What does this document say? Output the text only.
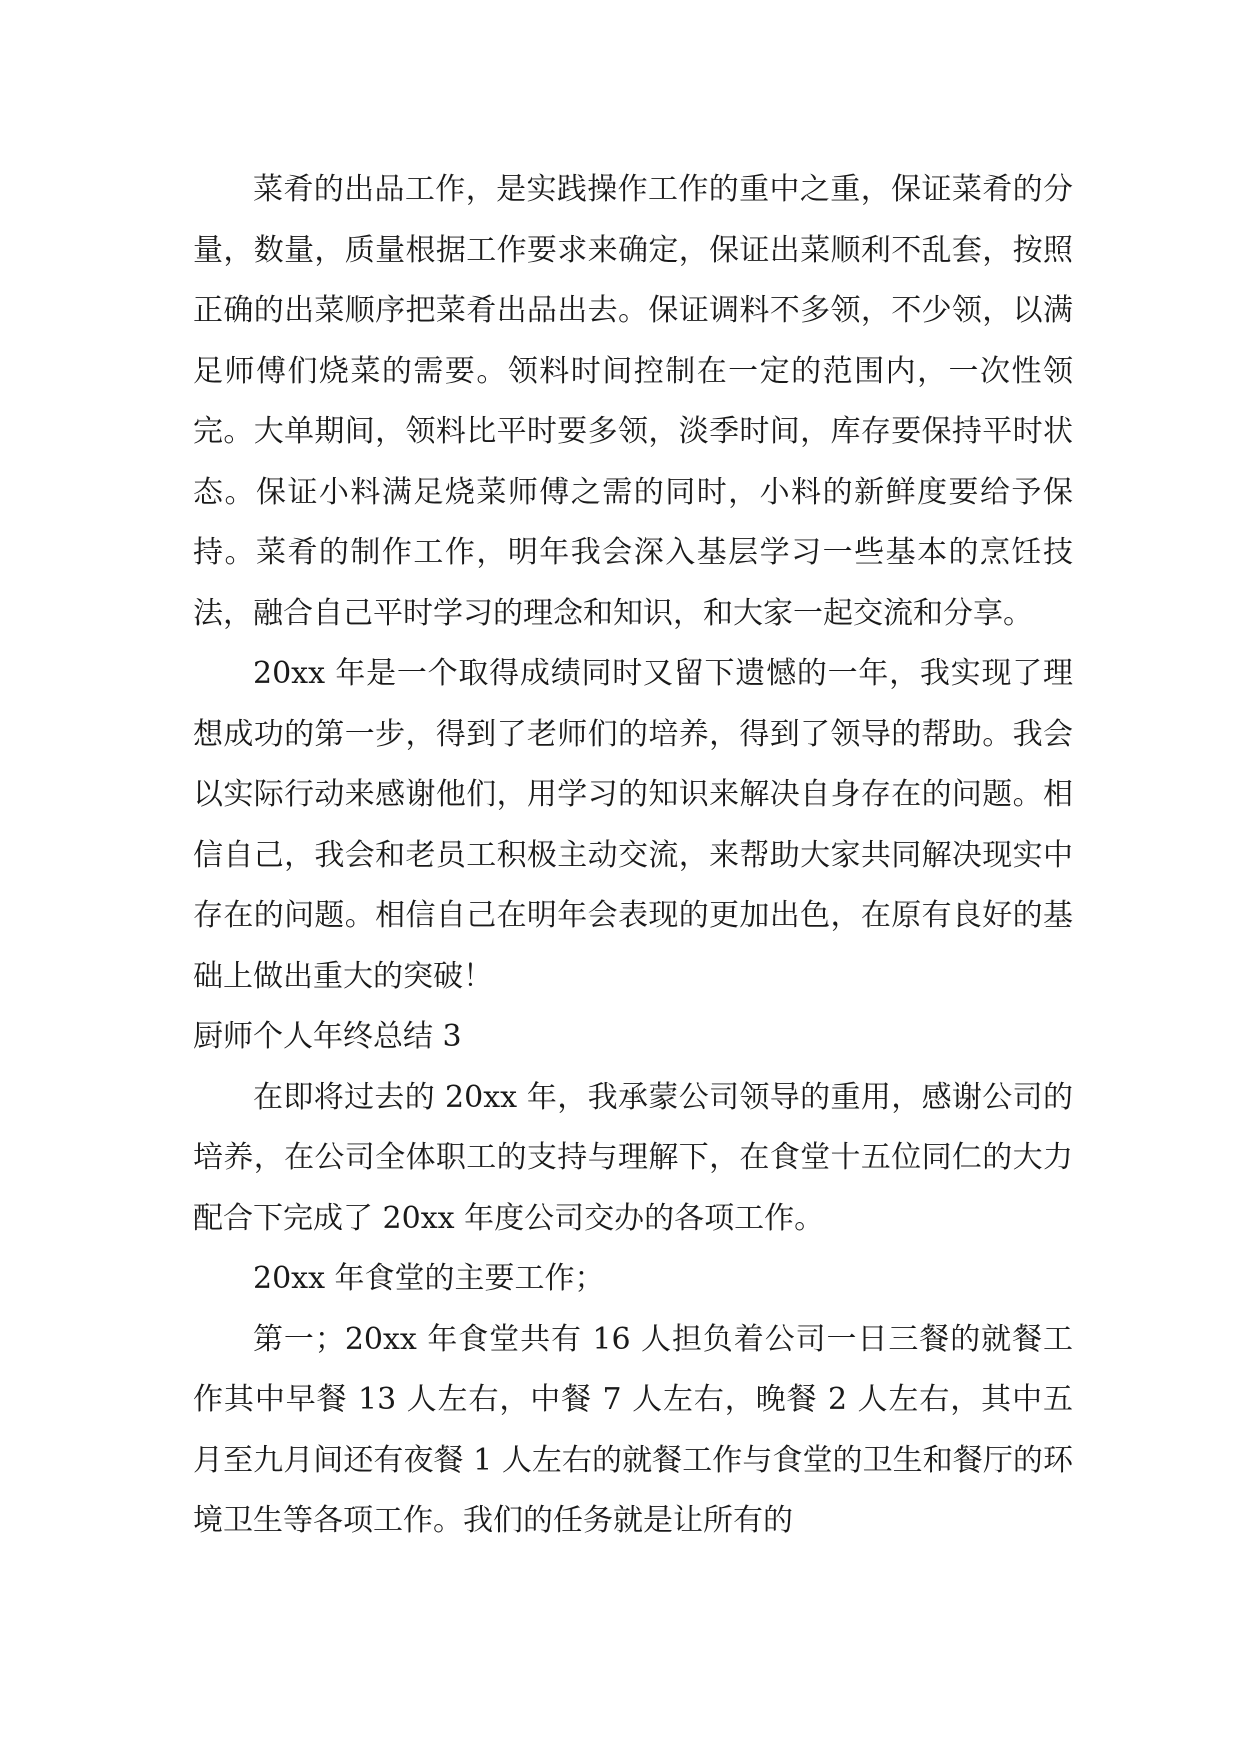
菜肴的出品工作，是实践操作工作的重中之重，保证菜肴的分量，数量，质量根据工作要求来确定，保证出菜顺利不乱套，按照正确的出菜顺序把菜肴出品出去。保证调料不多领，不少领，以满足师傅们烧菜的需要。领料时间控制在一定的范围内，一次性领完。大单期间，领料比平时要多领，淡季时间，库存要保持平时状态。保证小料满足烧菜师傅之需的同时，小料的新鲜度要给予保持。菜肴的制作工作，明年我会深入基层学习一些基本的烹饪技法，融合自己平时学习的理念和知识，和大家一起交流和分享。

20xx 年是一个取得成绩同时又留下遗憾的一年，我实现了理想成功的第一步，得到了老师们的培养，得到了领导的帮助。我会以实际行动来感谢他们，用学习的知识来解决自身存在的问题。相信自己，我会和老员工积极主动交流，来帮助大家共同解决现实中存在的问题。相信自己在明年会表现的更加出色，在原有良好的基础上做出重大的突破！

厨师个人年终总结 3

在即将过去的 20xx 年，我承蒙公司领导的重用，感谢公司的培养，在公司全体职工的支持与理解下，在食堂十五位同仁的大力配合下完成了 20xx 年度公司交办的各项工作。

20xx 年食堂的主要工作；

第一；20xx 年食堂共有 16 人担负着公司一日三餐的就餐工作其中早餐 13 人左右，中餐 7 人左右，晚餐 2 人左右，其中五月至九月间还有夜餐 1 人左右的就餐工作与食堂的卫生和餐厅的环境卫生等各项工作。我们的任务就是让所有的
